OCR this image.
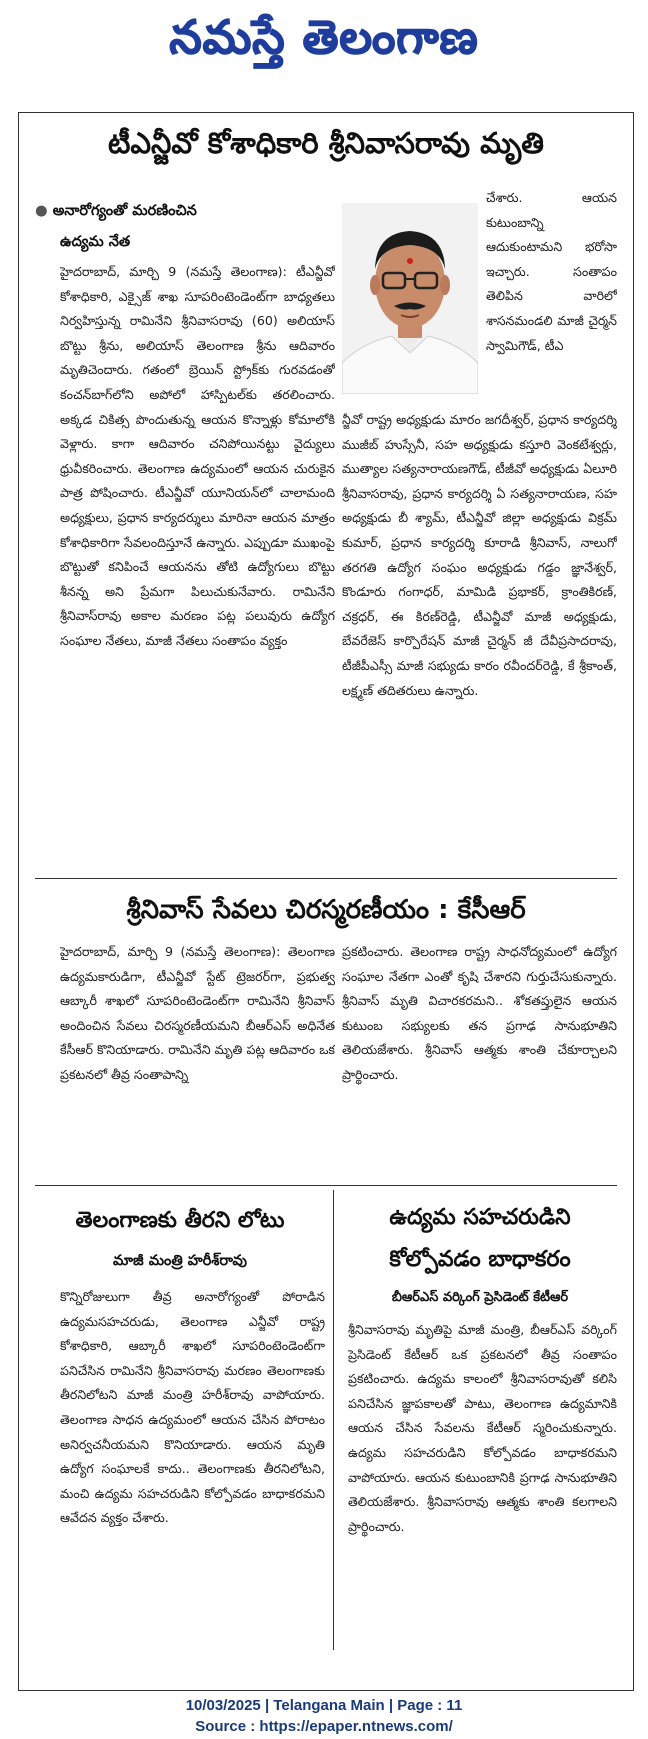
నమస్తే తెలంగాణ
టీఎన్జీవో కోశాధికారి శ్రీనివాసరావు మృతి
● అనారోగ్యంతో మరణించిన
ఉద్యమ నేత
హైదరాబాద్, మార్చి 9 (నమస్తే తెలంగాణ): టీఎన్జీవో కోశాధికారి, ఎక్సైజ్ శాఖ సూపరింటెండెంట్‌గా బాధ్యతలు నిర్వహిస్తున్న రామినేని శ్రీనివాసరావు (60) అలియాస్ బొట్టు శ్రీను, అలియాస్ తెలంగాణ శ్రీను ఆదివారం మృతిచెందారు. గతంలో బ్రెయిన్ స్ట్రోక్‌కు గురవడంతో కంచన్‌బాగ్‌లోని అపోలో హాస్పిటల్‌కు తరలించారు. అక్కడ చికిత్స పొందుతున్న ఆయన కొన్నాళ్లు కోమాలోకి వెళ్లారు. కాగా ఆదివారం చనిపోయినట్టు వైద్యులు ధ్రువీకరించారు. తెలంగాణ ఉద్యమంలో ఆయన చురుకైన పాత్ర పోషించారు. టీఎన్జీవో యూనియన్‌లో చాలామంది అధ్యక్షులు, ప్రధాన కార్యదర్శులు మారినా ఆయన మాత్రం కోశాధికారిగా సేవలందిస్తూనే ఉన్నారు. ఎప్పుడూ ముఖంపై బొట్టుతో కనిపించే ఆయనను తోటి ఉద్యోగులు బొట్టు శీనన్న అని ప్రేమగా పిలుచుకునేవారు. రామినేని శ్రీనివాస్‌రావు అకాల మరణం పట్ల పలువురు ఉద్యోగ సంఘాల నేతలు, మాజీ నేతలు సంతాపం వ్యక్తం
చేశారు. ఆయన కుటుంబాన్ని ఆదుకుంటామని భరోసా ఇచ్చారు. సంతాపం తెలిపిన వారిలో శాసనమండలి మాజీ చైర్మన్ స్వామిగౌడ్, టీఎ
న్జీవో రాష్ట్ర అధ్యక్షుడు మారం జగదీశ్వర్, ప్రధాన కార్యదర్శి ముజీబ్ హుస్సేనీ, సహ అధ్యక్షుడు కస్తూరి వెంకటేశ్వర్లు, ముత్యాల సత్యనారాయణగౌడ్, టీజీవో అధ్యక్షుడు ఏలూరి శ్రీనివాసరావు, ప్రధాన కార్యదర్శి ఏ సత్యనారాయణ, సహ అధ్యక్షుడు బీ శ్యామ్, టీఎన్జీవో జిల్లా అధ్యక్షుడు విక్రమ్ కుమార్, ప్రధాన కార్యదర్శి కూరాడి శ్రీనివాస్, నాలుగో తరగతి ఉద్యోగ సంఘం అధ్యక్షుడు గడ్డం జ్ఞానేశ్వర్, కొండూరు గంగాధర్, మామిడి ప్రభాకర్, క్రాంతికిరణ్, చక్రధర్, ఈ కిరణ్‌రెడ్డి, టీఎన్జీవో మాజీ అధ్యక్షుడు, బేవరేజెస్ కార్పొరేషన్ మాజీ చైర్మన్ జీ దేవీప్రసాదరావు, టీజీపీఎస్సీ మాజీ సభ్యుడు కారం రవీందర్‌రెడ్డి, కే శ్రీకాంత్, లక్ష్మణ్ తదితరులు ఉన్నారు.
శ్రీనివాస్ సేవలు చిరస్మరణీయం : కేసీఆర్
హైదరాబాద్, మార్చి 9 (నమస్తే తెలంగాణ): తెలంగాణ ఉద్యమకారుడిగా, టీఎన్జీవో స్టేట్ ట్రెజరర్‌గా, ప్రభుత్వ ఆబ్కారీ శాఖలో సూపరింటెండెంట్‌గా రామినేని శ్రీనివాస్ అందించిన సేవలు చిరస్మరణీయమని బీఆర్‌ఎస్ అధినేత కేసీఆర్ కొనియాడారు. రామినేని మృతి పట్ల ఆదివారం ఒక ప్రకటనలో తీవ్ర సంతాపాన్ని
ప్రకటించారు. తెలంగాణ రాష్ట్ర సాధనోద్యమంలో ఉద్యోగ సంఘాల నేతగా ఎంతో కృషి చేశారని గుర్తుచేసుకున్నారు. శ్రీనివాస్ మృతి విచారకరమని.. శోకతప్తులైన ఆయన కుటుంబ సభ్యులకు తన ప్రగాఢ సానుభూతిని తెలియజేశారు. శ్రీనివాస్ ఆత్మకు శాంతి చేకూర్చాలని ప్రార్థించారు.
తెలంగాణకు తీరని లోటు
మాజీ మంత్రి హరీశ్‌రావు
కొన్నిరోజులుగా తీవ్ర అనారోగ్యంతో పోరాడిన ఉద్యమసహచరుడు, తెలంగాణ ఎన్జీవో రాష్ట్ర కోశాధికారి, ఆబ్కారీ శాఖలో సూపరింటెండెంట్‌గా పనిచేసిన రామినేని శ్రీనివాసరావు మరణం తెలంగాణకు తీరనిలోటని మాజీ మంత్రి హరీశ్‌రావు వాపోయారు. తెలంగాణ సాధన ఉద్యమంలో ఆయన చేసిన పోరాటం అనిర్వచనీయమని కొనియాడారు. ఆయన మృతి ఉద్యోగ సంఘాలకే కాదు.. తెలంగాణకు తీరనిలోటని, మంచి ఉద్యమ సహచరుడిని కోల్పోవడం బాధాకరమని ఆవేదన వ్యక్తం చేశారు.
ఉద్యమ సహచరుడిని
కోల్పోవడం బాధాకరం
బీఆర్‌ఎస్ వర్కింగ్ ప్రెసిడెంట్ కేటీఆర్
శ్రీనివాసరావు మృతిపై మాజీ మంత్రి, బీఆర్‌ఎస్ వర్కింగ్ ప్రెసిడెంట్ కేటీఆర్ ఒక ప్రకటనలో తీవ్ర సంతాపం ప్రకటించారు. ఉద్యమ కాలంలో శ్రీనివాసరావుతో కలిసి పనిచేసిన జ్ఞాపకాలతో పాటు, తెలంగాణ ఉద్యమానికి ఆయన చేసిన సేవలను కేటీఆర్ స్మరించుకున్నారు. ఉద్యమ సహచరుడిని కోల్పోవడం బాధాకరమని వాపోయారు. ఆయన కుటుంబానికి ప్రగాఢ సానుభూతిని తెలియజేశారు. శ్రీనివాసరావు ఆత్మకు శాంతి కలగాలని ప్రార్థించారు.
10/03/2025 | Telangana Main | Page : 11
Source : https://epaper.ntnews.com/
